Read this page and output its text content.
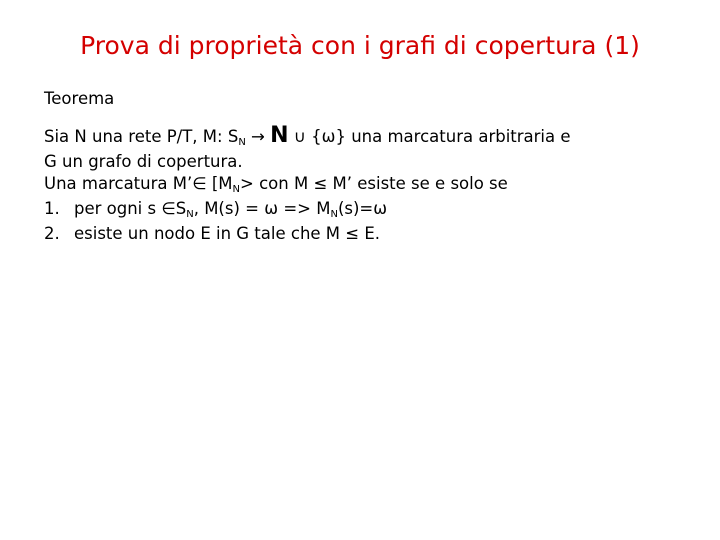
Prova di proprietà con i grafi di copertura (1)
Teorema
Sia N una rete P/T, M: SN → N ∪ {ω} una marcatura arbitraria e
G un grafo di copertura.
Una marcatura M’∈ [MN> con M ≤ M’ esiste se e solo se
1. per ogni s ∈SN, M(s) = ω => MN(s)=ω
2. esiste un nodo E in G tale che M ≤ E.
